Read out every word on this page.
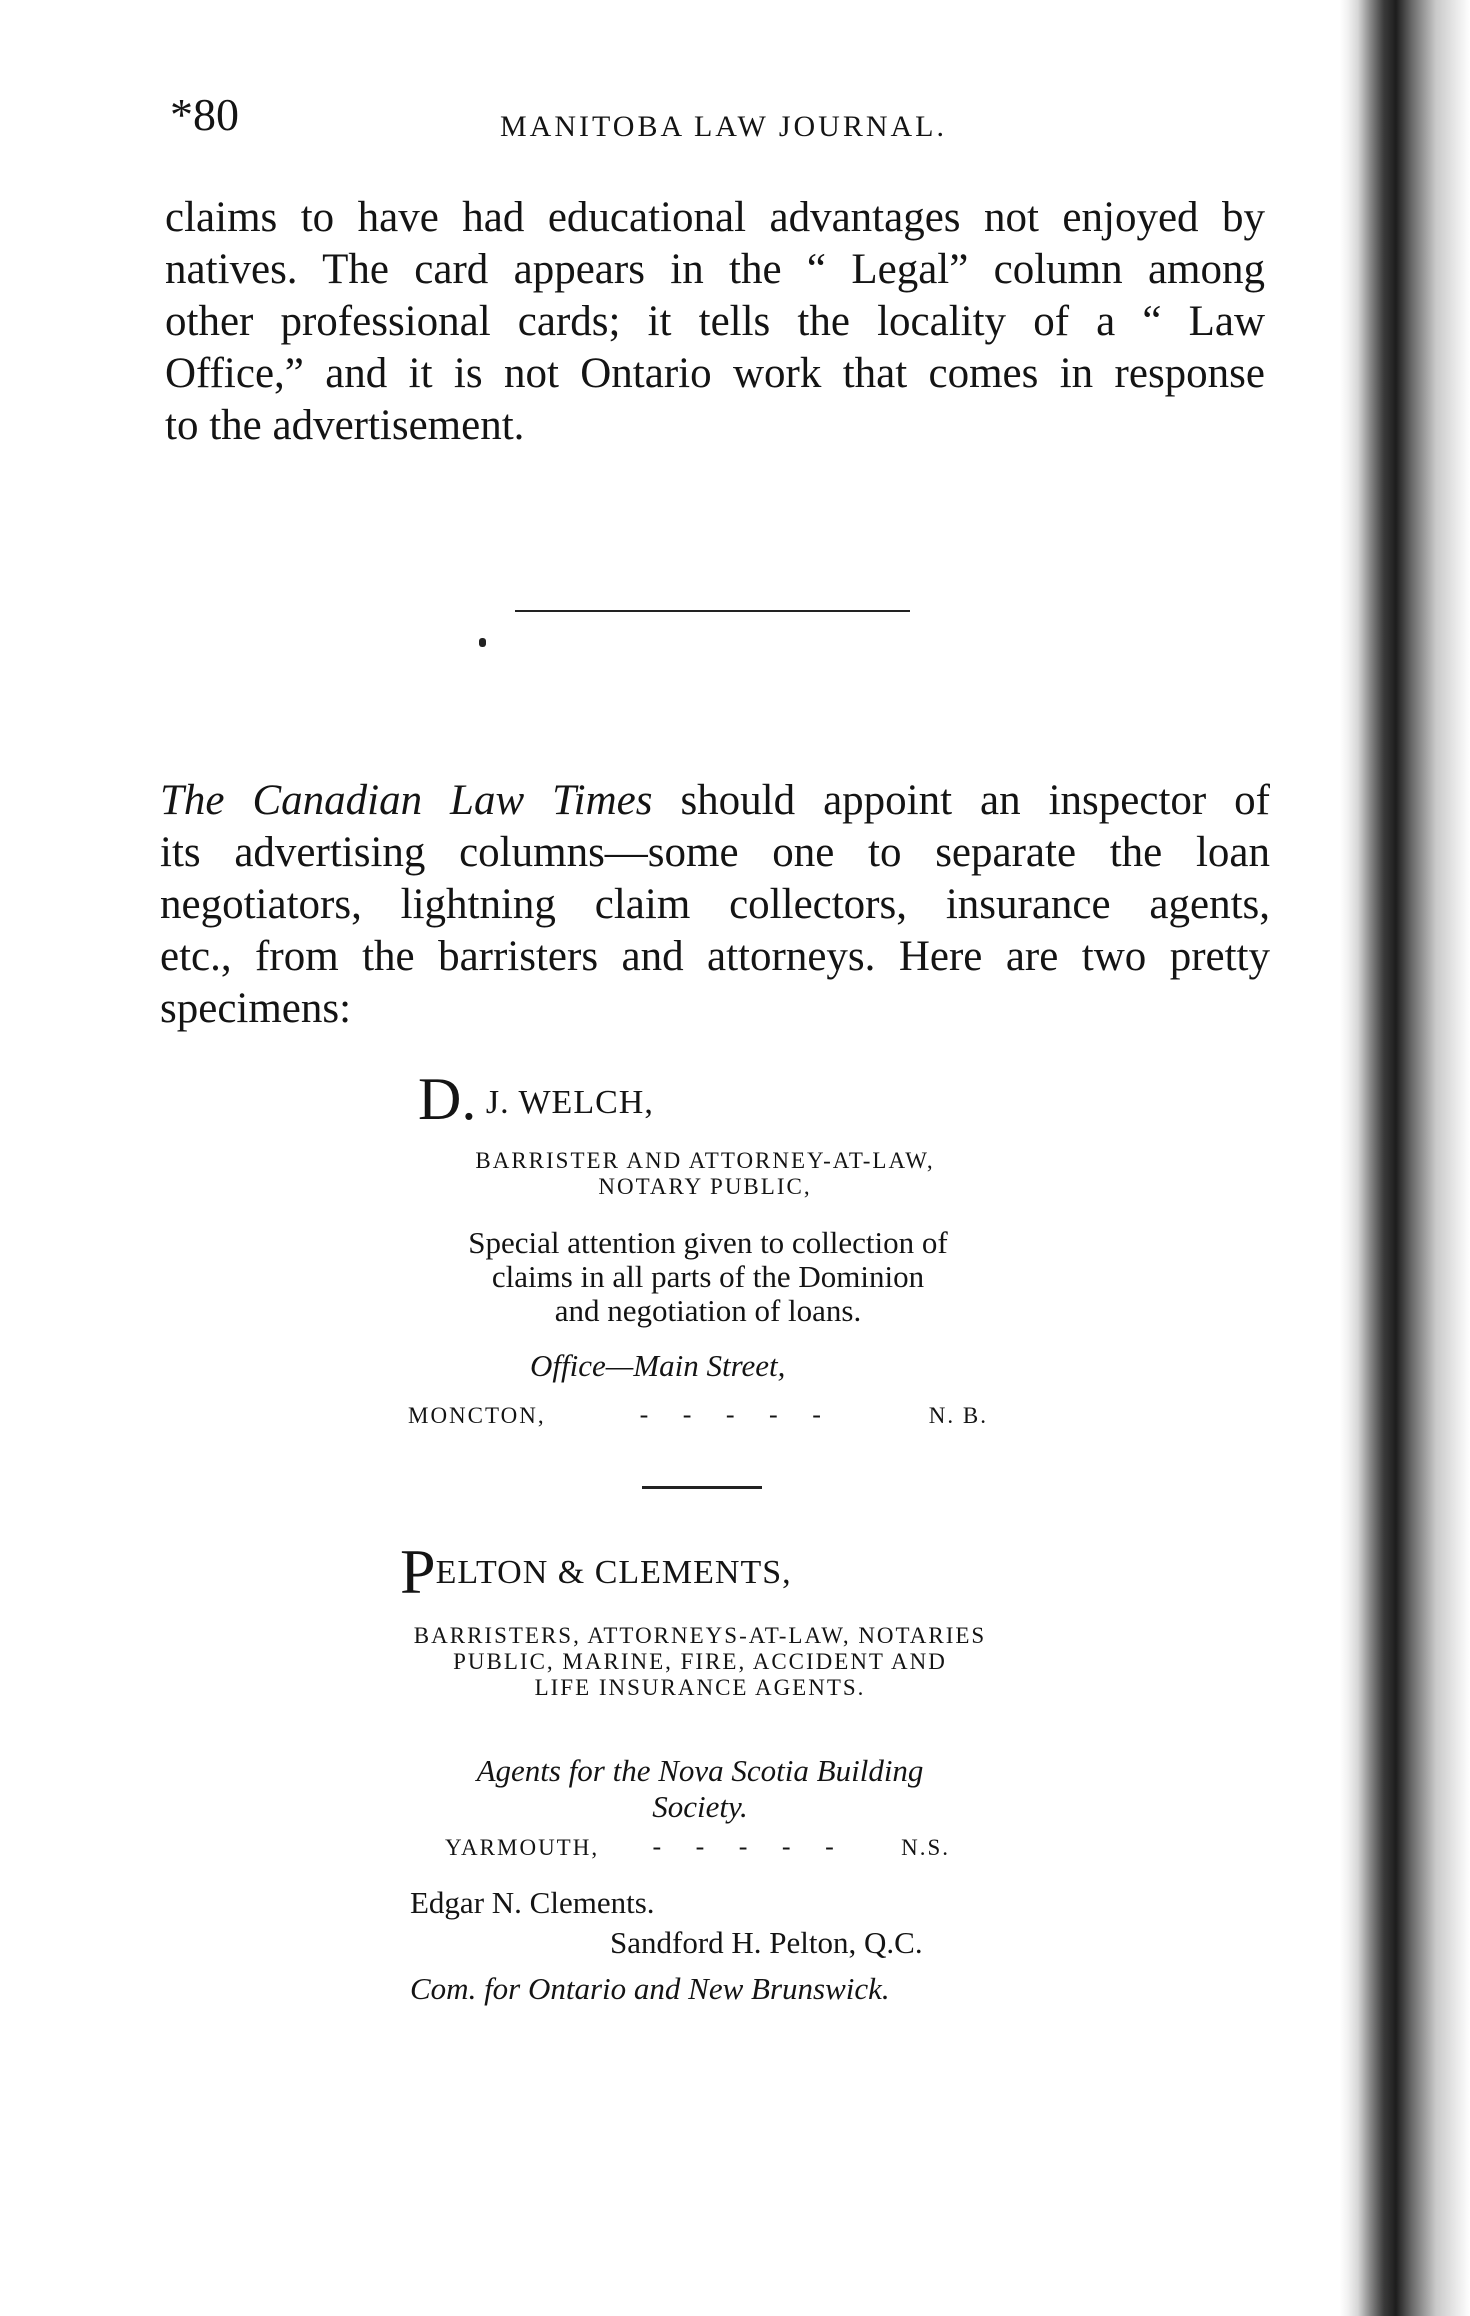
*80	MANITOBA LAW JOURNAL.
claims to have had educational advantages not enjoyed by
natives. The card appears in the “ Legal” column among
other professional cards; it tells the locality of a “ Law
Office,” and it is not Ontario work that comes in response
to the advertisement.
The Canadian Law Times should appoint an inspector of
its advertising columns—some one to separate the loan
negotiators, lightning claim collectors, insurance agents,
etc., from the barristers and attorneys. Here are two pretty
specimens:
D. J. WELCH,
BARRISTER AND ATTORNEY-AT-LAW,
NOTARY PUBLIC,
Special attention given to collection of
claims in all parts of the Dominion
and negotiation of loans.
Office—Main Street,
MONCTON,	- - - - -	N. B.
PELTON & CLEMENTS,
BARRISTERS, ATTORNEYS-AT-LAW, NOTARIES
PUBLIC, MARINE, FIRE, ACCIDENT AND
LIFE INSURANCE AGENTS.
Agents for the Nova Scotia Building
Society.
YARMOUTH, - - - - - N.S.
Edgar N. Clements.
Sandford H. Pelton, Q.C.
Com. for Ontario and New Brunswick.
